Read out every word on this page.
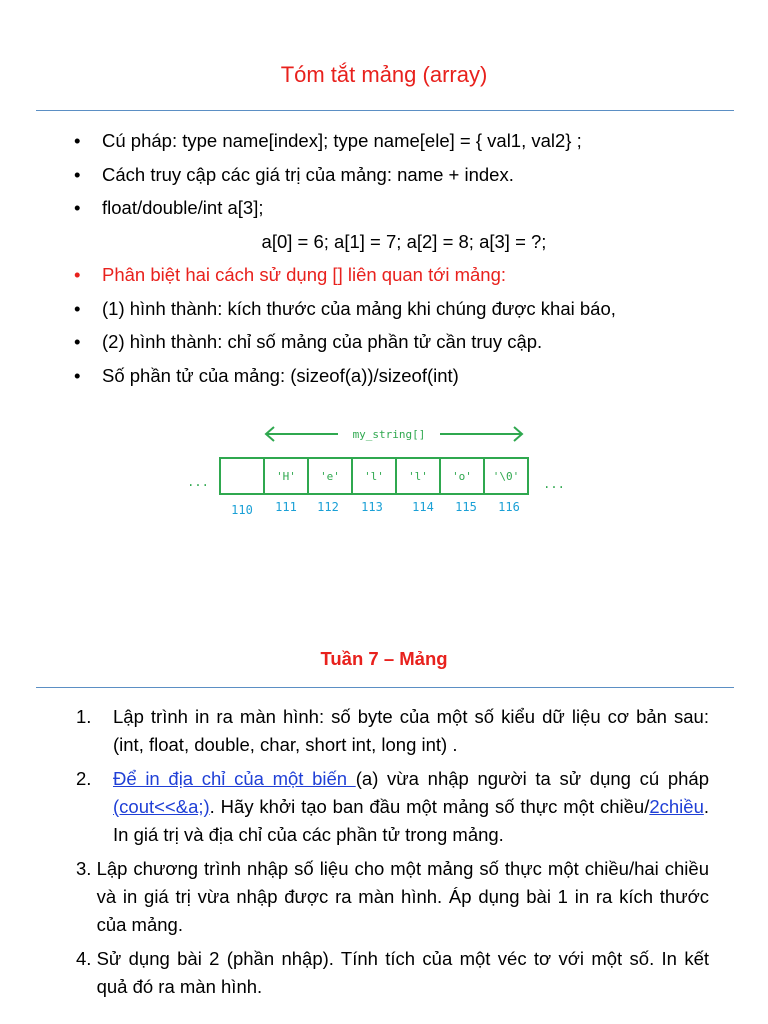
Tóm tắt mảng (array)
• Cú pháp: type name[index]; type name[ele] = { val1, val2} ;
• Cách truy cập các giá trị của mảng: name + index.
• float/double/int a[3];
a[0] = 6; a[1] = 7; a[2] = 8; a[3] = ?;
• Phân biệt hai cách sử dụng [] liên quan tới mảng:
• (1) hình thành: kích thước của mảng khi chúng được khai báo,
• (2) hình thành: chỉ số mảng của phần tử cần truy cập.
• Số phần tử của mảng: (sizeof(a))/sizeof(int)
my_string[]
...	...
'H' 'e' 'l' 'l' 'o' '\0'
110 111 112 113 114 115 116
Tuần 7 – Mảng
1.	Lập trình in ra màn hình: số byte của một số kiểu dữ liệu cơ bản sau: (int, float, double, char, short int, long int) .
2.	Để in địa chỉ của một biến (a) vừa nhập người ta sử dụng cú pháp (cout<<&a;). Hãy khởi tạo ban đầu một mảng số thực một chiều/2chiều. In giá trị và địa chỉ của các phần tử trong mảng.
3. Lập chương trình nhập số liệu cho một mảng số thực một chiều/hai chiều và in giá trị vừa nhập được ra màn hình. Áp dụng bài 1 in ra kích thước của mảng.
4. Sử dụng bài 2 (phần nhập). Tính tích của một véc tơ với một số. In kết quả đó ra màn hình.
